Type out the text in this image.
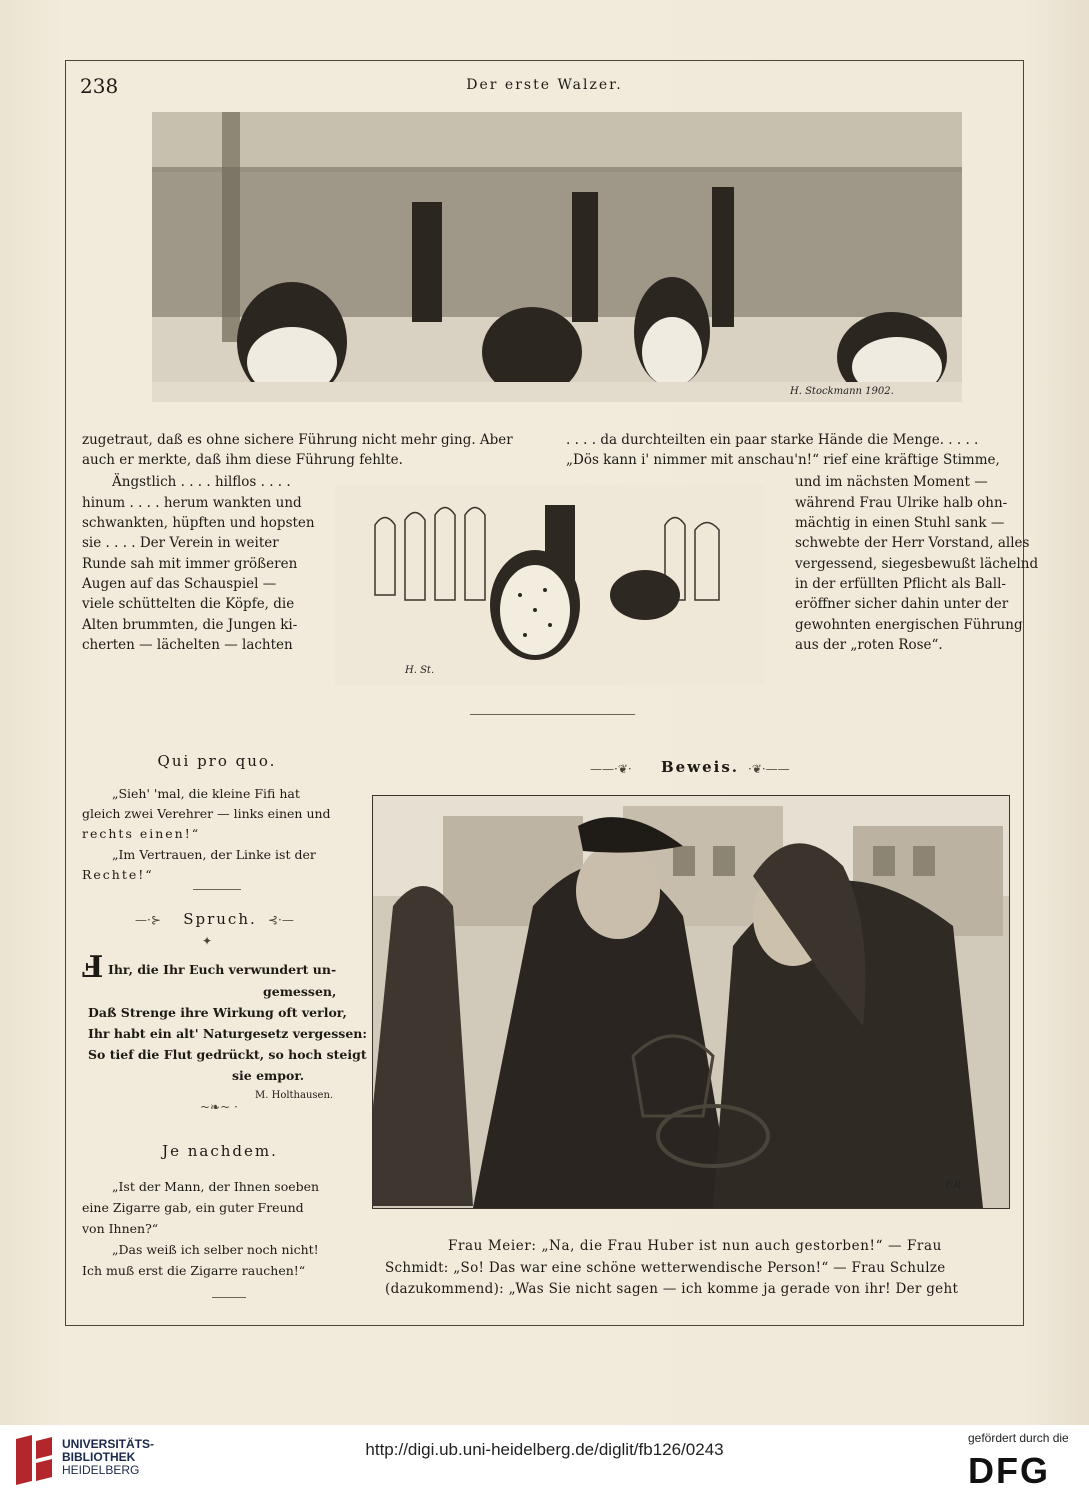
238	Der erste Walzer.
H. Stockmann 1902.
zugetraut, daß es ohne sichere Führung nicht mehr ging. Aber
auch er merkte, daß ihm diese Führung fehlte.
. . . . da durchteilten ein paar starke Hände die Menge. . . . .
„Dös kann i' nimmer mit anschau'n!“ rief eine kräftige Stimme,
Ängstlich . . . . hilflos . . . .
hinum . . . . herum wankten und
schwankten, hüpften und hopsten
sie . . . . Der Verein in weiter
Runde sah mit immer größeren
Augen auf das Schauspiel —
viele schüttelten die Köpfe, die
Alten brummten, die Jungen ki-
cherten — lächelten — lachten
H. St.
und im nächsten Moment —
während Frau Ulrike halb ohn-
mächtig in einen Stuhl sank —
schwebte der Herr Vorstand, alles
vergessend, siegesbewußt lächelnd
in der erfüllten Pflicht als Ball-
eröffner sicher dahin unter der
gewohnten energischen Führung
aus der „roten Rose“.
Qui pro quo.
„Sieh' 'mal, die kleine Fifi hat
gleich zwei Verehrer — links einen und
rechts einen!“
„Im Vertrauen, der Linke ist der
Rechte!“
—·⊱	Spruch. ⊰·—
✦
Ⅎ Ihr, die Ihr Euch verwundert un-
gemessen,
Daß Strenge ihre Wirkung oft verlor,
Ihr habt ein alt' Naturgesetz vergessen:
So tief die Flut gedrückt, so hoch steigt
sie empor.
M. Holthausen.
~❧~ ·
Je nachdem.
„Ist der Mann, der Ihnen soeben
eine Zigarre gab, ein guter Freund
von Ihnen?“
„Das weiß ich selber noch nicht!
Ich muß erst die Zigarre rauchen!“
——·❦·	Beweis. ·❦·——
F.R.
Frau Meier: „Na, die Frau Huber ist nun auch gestorben!“ — Frau
Schmidt: „So! Das war eine schöne wetterwendische Person!“ — Frau Schulze
(dazukommend): „Was Sie nicht sagen — ich komme ja gerade von ihr! Der geht
UNIVERSITÄTS-
BIBLIOTHEK
HEIDELBERG
http://digi.ub.uni-heidelberg.de/diglit/fb126/0243
gefördert durch die
DFG
